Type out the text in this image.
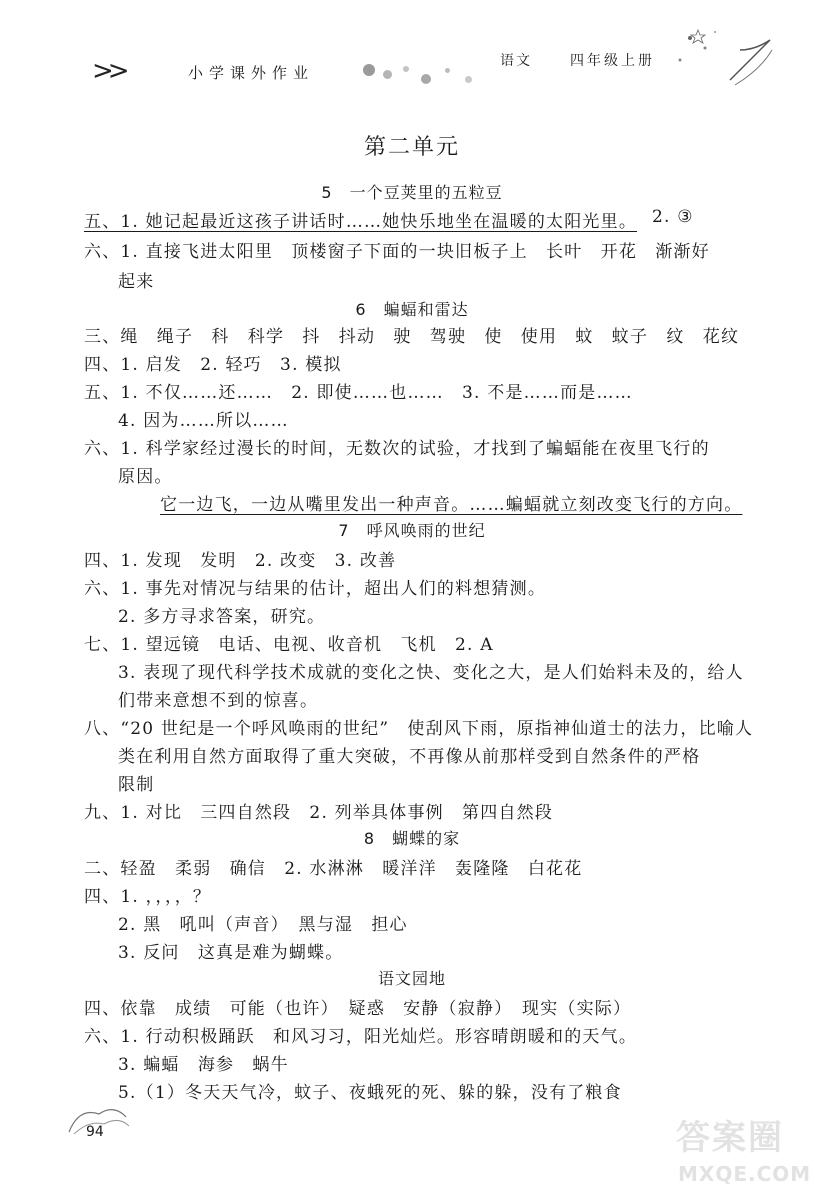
>>	小学课外作业
语文	四年级上册
第二单元
5　一个豆荚里的五粒豆
五、1. 她记起最近这孩子讲话时……她快乐地坐在温暖的太阳光里。 2. ③
六、1. 直接飞进太阳里　顶楼窗子下面的一块旧板子上　长叶　开花　渐渐好
起来
6　蝙蝠和雷达
三、绳　绳子　科　科学　抖　抖动　驶　驾驶　使　使用　蚊　蚊子　纹　花纹
四、1. 启发　2. 轻巧　3. 模拟
五、1. 不仅……还……　2. 即使……也……　3. 不是……而是……
4. 因为……所以……
六、1. 科学家经过漫长的时间，无数次的试验，才找到了蝙蝠能在夜里飞行的
原因。
它一边飞，一边从嘴里发出一种声音。……蝙蝠就立刻改变飞行的方向。
7　呼风唤雨的世纪
四、1. 发现　发明　2. 改变　3. 改善
六、1. 事先对情况与结果的估计，超出人们的料想猜测。
2. 多方寻求答案，研究。
七、1. 望远镜　电话、电视、收音机　飞机　2. A
3. 表现了现代科学技术成就的变化之快、变化之大，是人们始料未及的，给人
们带来意想不到的惊喜。
八、“20 世纪是一个呼风唤雨的世纪”　使刮风下雨，原指神仙道士的法力，比喻人
类在利用自然方面取得了重大突破，不再像从前那样受到自然条件的严格
限制
九、1. 对比　三四自然段　2. 列举具体事例　第四自然段
8　蝴蝶的家
二、轻盈　柔弱　确信　2. 水淋淋　暖洋洋　轰隆隆　白花花
四、1. ，，，，？
2. 黑　吼叫（声音）　黑与湿　担心
3. 反问　这真是难为蝴蝶。
语文园地
四、依靠　成绩　可能（也许）　疑惑　安静（寂静）　现实（实际）
六、1. 行动积极踊跃　和风习习，阳光灿烂。形容晴朗暖和的天气。
3. 蝙蝠　海参　蜗牛
5.（1）冬天天气冷，蚊子、夜蛾死的死、躲的躲，没有了粮食
94	答案圈
MXQE.COM
